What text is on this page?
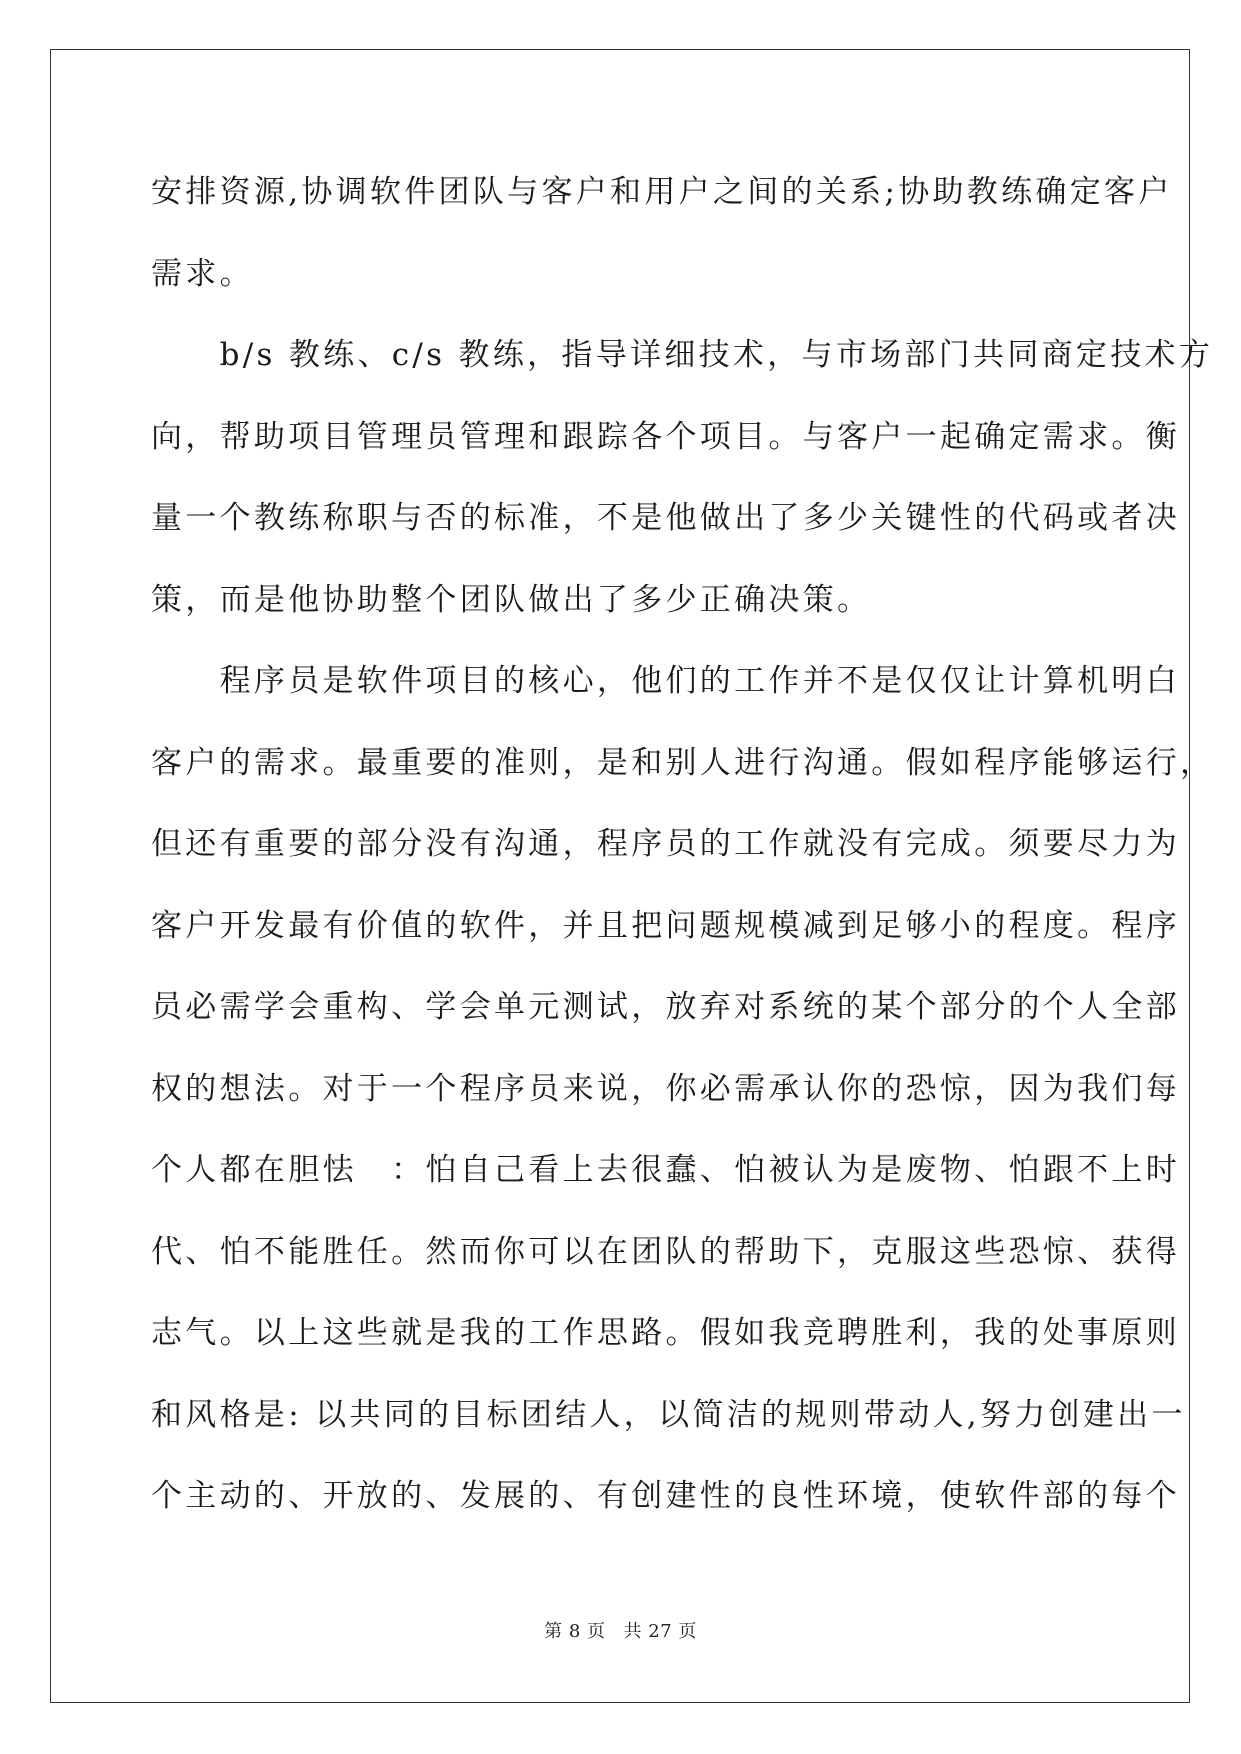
安排资源,协调软件团队与客户和用户之间的关系;协助教练确定客户
需求。
　　b/s 教练、c/s 教练，指导详细技术，与市场部门共同商定技术方
向，帮助项目管理员管理和跟踪各个项目。与客户一起确定需求。衡
量一个教练称职与否的标准，不是他做出了多少关键性的代码或者决
策，而是他协助整个团队做出了多少正确决策。
　　程序员是软件项目的核心，他们的工作并不是仅仅让计算机明白
客户的需求。最重要的准则，是和别人进行沟通。假如程序能够运行，
但还有重要的部分没有沟通，程序员的工作就没有完成。须要尽力为
客户开发最有价值的软件，并且把问题规模减到足够小的程度。程序
员必需学会重构、学会单元测试，放弃对系统的某个部分的个人全部
权的想法。对于一个程序员来说，你必需承认你的恐惊，因为我们每
个人都在胆怯　：怕自己看上去很蠢、怕被认为是废物、怕跟不上时
代、怕不能胜任。然而你可以在团队的帮助下，克服这些恐惊、获得
志气。以上这些就是我的工作思路。假如我竞聘胜利，我的处事原则
和风格是: 以共同的目标团结人，以简洁的规则带动人,努力创建出一
个主动的、开放的、发展的、有创建性的良性环境，使软件部的每个
第 8 页 共 27 页
